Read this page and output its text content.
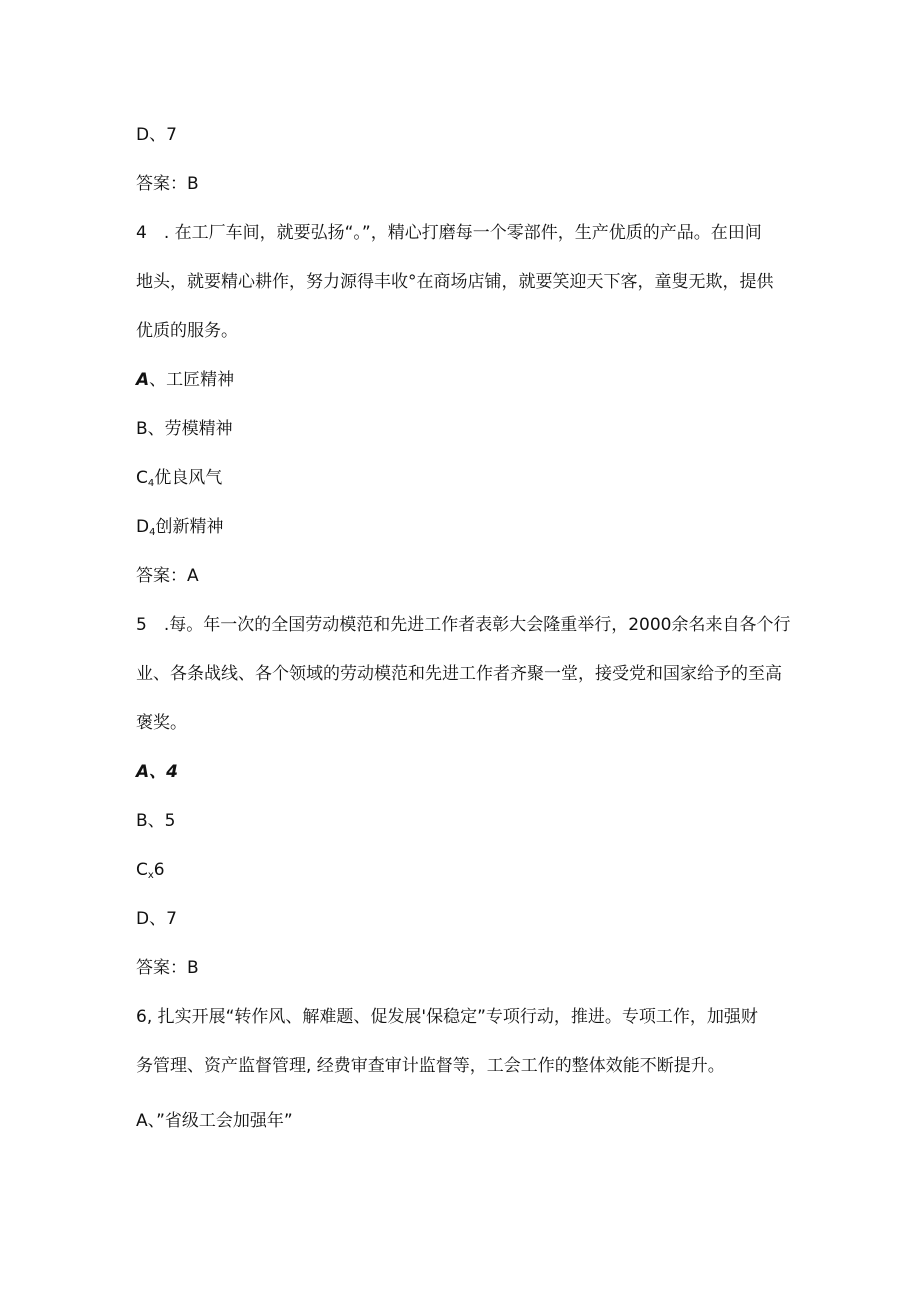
D、7
答案：B
4　. 在工厂车间，就要弘扬“。”，精心打磨每一个零部件，生产优质的产品。在田间
地头，就要精心耕作，努力源得丰收°在商场店铺，就要笑迎天下客，童叟无欺，提供
优质的服务。
A、工匠精神
B、劳模精神
$C_4$优良风气
$D_4$创新精神
答案：A
5　.每。年一次的全国劳动模范和先进工作者表彰大会隆重举行，2000余名来自各个行
业、各条战线、各个领域的劳动模范和先进工作者齐聚一堂，接受党和国家给予的至高
褒奖。
A、4
B、5
$C_x6$
D、7
答案：B
6, 扎实开展“转作风、解难题、促发展'保稳定”专项行动，推进。专项工作，加强财
务管理、资产监督管理, 经费审查审计监督等，工会工作的整体效能不断提升。
A、”省级工会加强年”
